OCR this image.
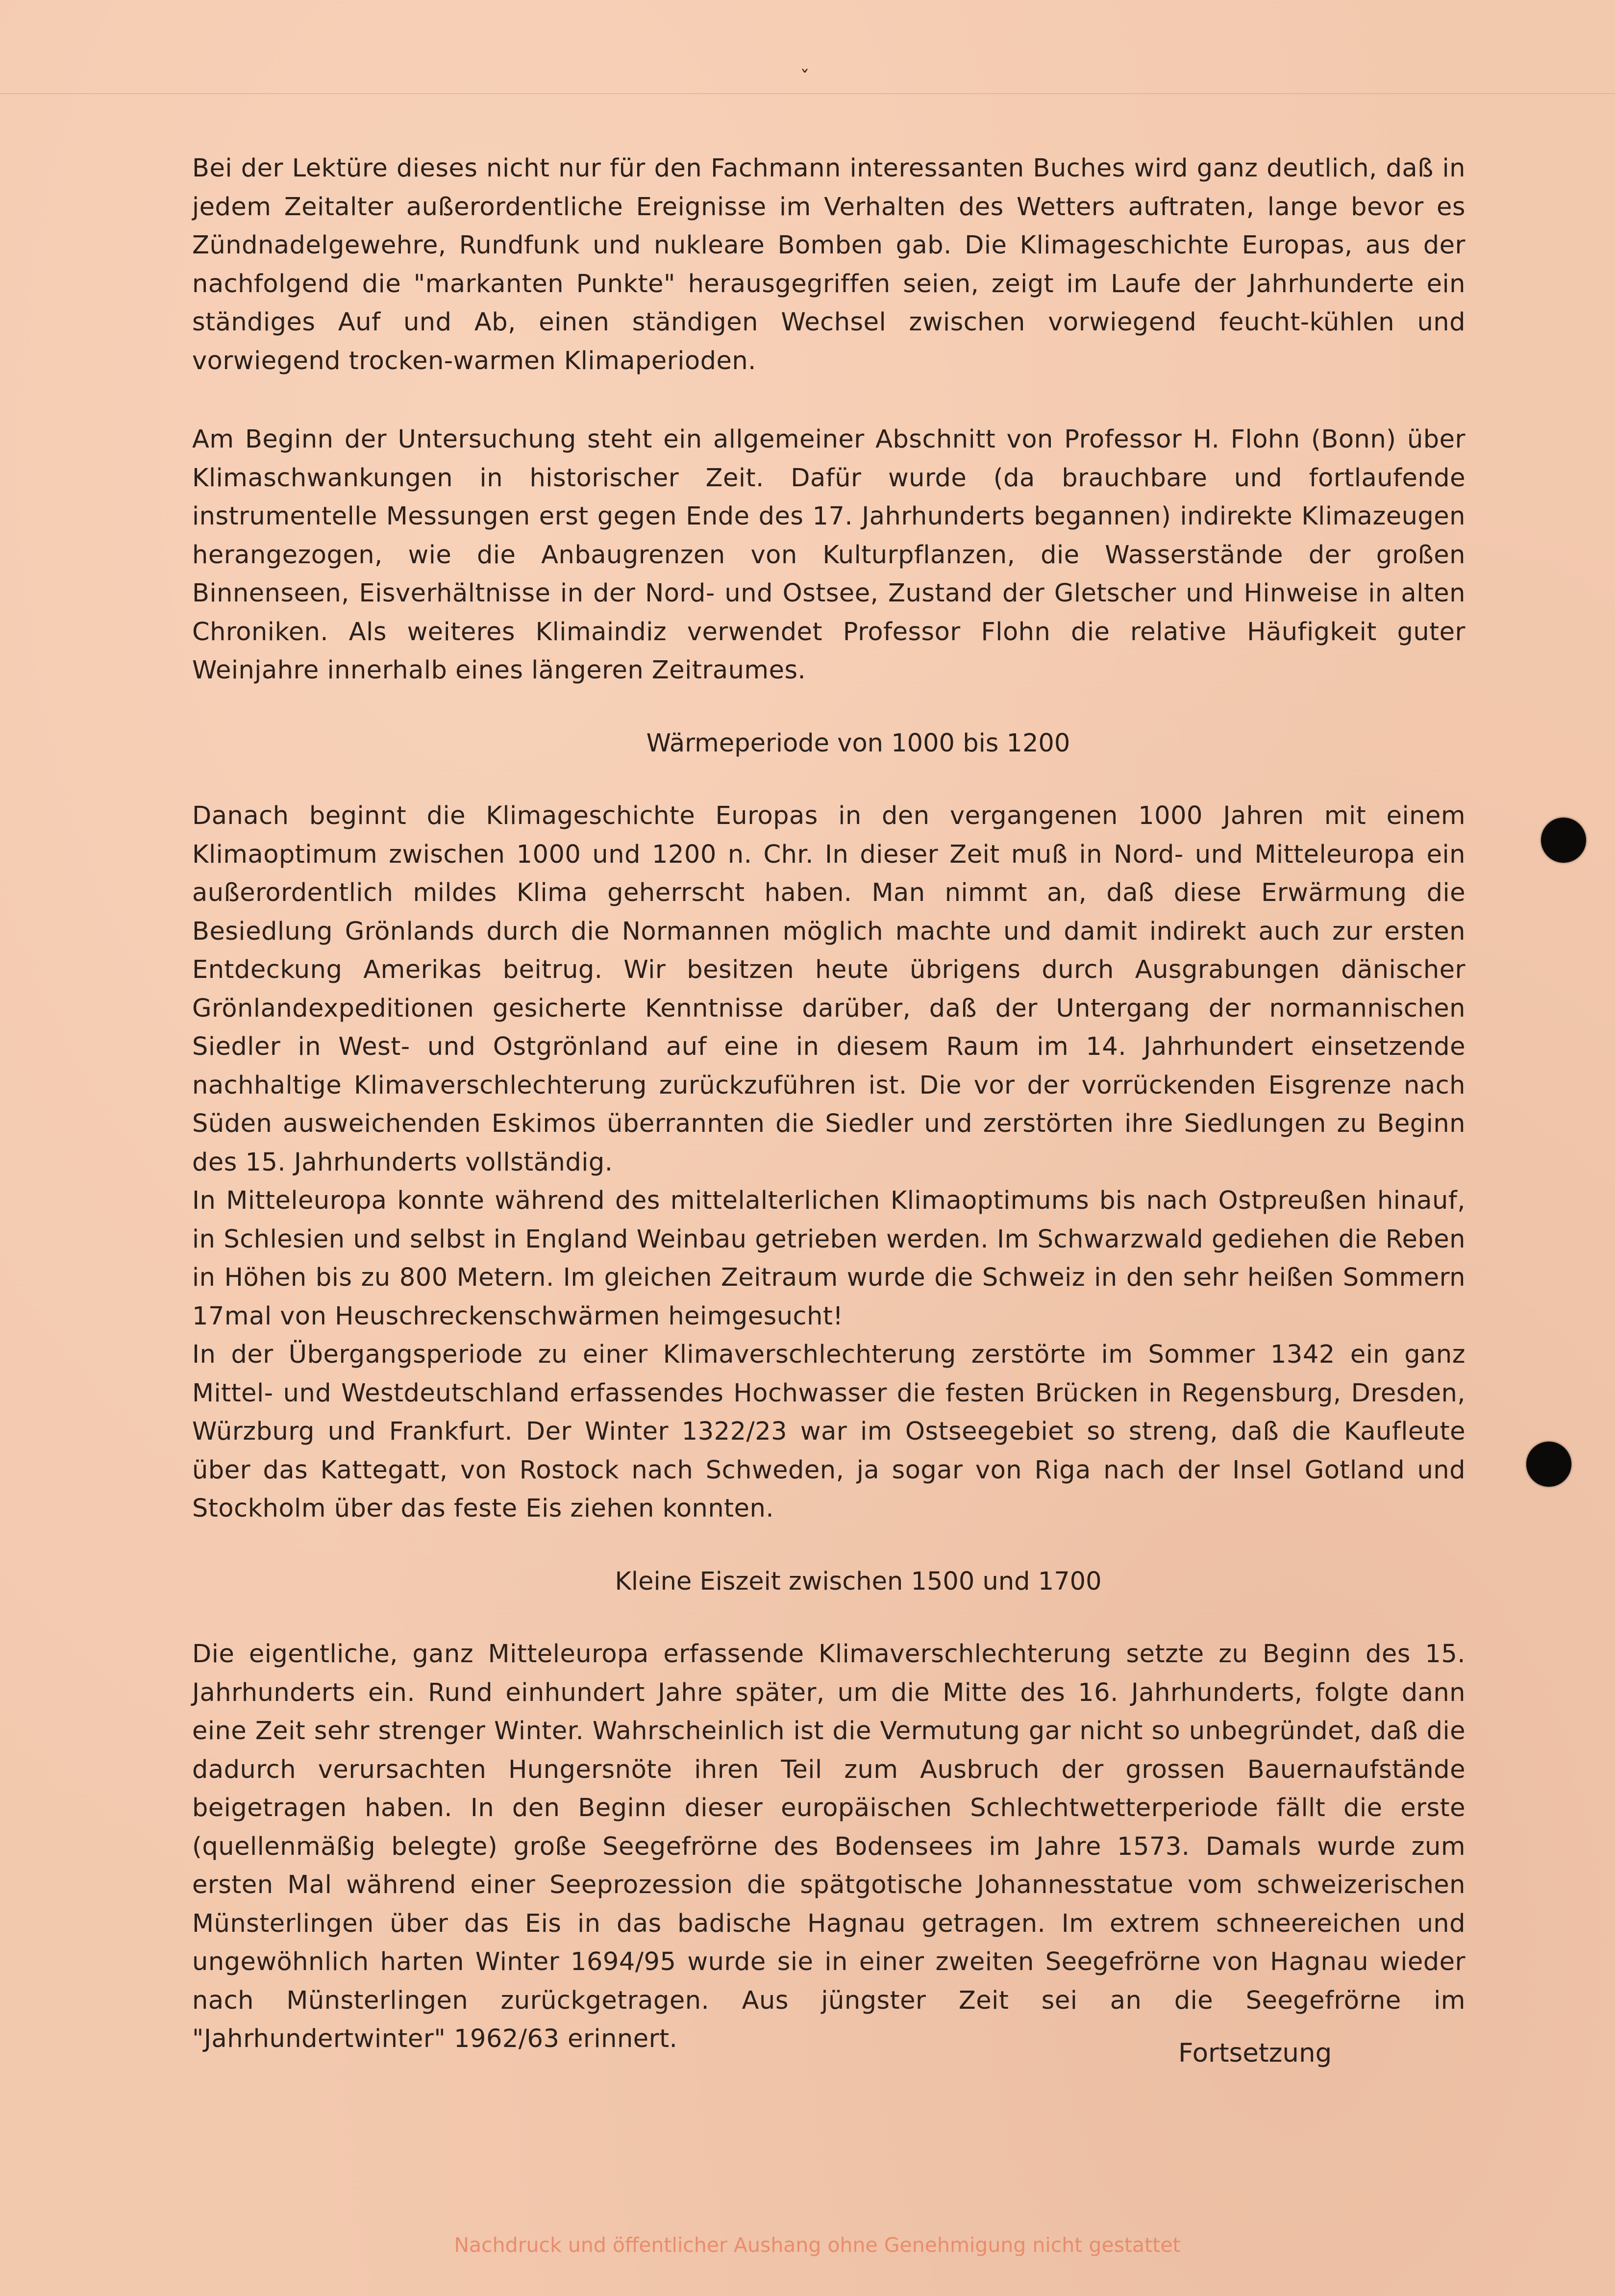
ˇ

Bei der Lektüre dieses nicht nur für den Fachmann interessanten Buches wird ganz deutlich, daß in jedem Zeitalter außerordentliche Ereignisse im Verhalten des Wetters auftraten, lange bevor es Zündnadelgewehre, Rundfunk und nukleare Bomben gab. Die Klimageschichte Europas, aus der nachfolgend die "markanten Punkte" herausgegriffen seien, zeigt im Laufe der Jahrhunderte ein ständiges Auf und Ab, einen ständigen Wechsel zwischen vorwiegend feucht-kühlen und vorwiegend trocken-warmen Klimaperioden.

Am Beginn der Untersuchung steht ein allgemeiner Abschnitt von Professor H. Flohn (Bonn) über Klimaschwankungen in historischer Zeit. Dafür wurde (da brauchbare und fortlaufende instrumentelle Messungen erst gegen Ende des 17. Jahrhunderts begannen) indirekte Klimazeugen herangezogen, wie die Anbaugrenzen von Kulturpflanzen, die Wasserstände der großen Binnenseen, Eisverhältnisse in der Nord- und Ostsee, Zustand der Gletscher und Hinweise in alten Chroniken. Als weiteres Klimaindiz verwendet Professor Flohn die relative Häufigkeit guter Weinjahre innerhalb eines längeren Zeitraumes.

Wärmeperiode von 1000 bis 1200

Danach beginnt die Klimageschichte Europas in den vergangenen 1000 Jahren mit einem Klimaoptimum zwischen 1000 und 1200 n. Chr. In dieser Zeit muß in Nord- und Mitteleuropa ein außerordentlich mildes Klima geherrscht haben. Man nimmt an, daß diese Erwärmung die Besiedlung Grönlands durch die Normannen möglich machte und damit indirekt auch zur ersten Entdeckung Amerikas beitrug. Wir besitzen heute übrigens durch Ausgrabungen dänischer Grönlandexpeditionen gesicherte Kenntnisse darüber, daß der Untergang der normannischen Siedler in West- und Ostgrönland auf eine in diesem Raum im 14. Jahrhundert einsetzende nachhaltige Klimaverschlechterung zurückzuführen ist. Die vor der vorrückenden Eisgrenze nach Süden ausweichenden Eskimos überrannten die Siedler und zerstörten ihre Siedlungen zu Beginn des 15. Jahrhunderts vollständig.

In Mitteleuropa konnte während des mittelalterlichen Klimaoptimums bis nach Ostpreußen hinauf, in Schlesien und selbst in England Weinbau getrieben werden. Im Schwarzwald gediehen die Reben in Höhen bis zu 800 Metern. Im gleichen Zeitraum wurde die Schweiz in den sehr heißen Sommern 17mal von Heuschreckenschwärmen heimgesucht!

In der Übergangsperiode zu einer Klimaverschlechterung zerstörte im Sommer 1342 ein ganz Mittel- und Westdeutschland erfassendes Hochwasser die festen Brücken in Regensburg, Dresden, Würzburg und Frankfurt. Der Winter 1322/23 war im Ostseegebiet so streng, daß die Kaufleute über das Kattegatt, von Rostock nach Schweden, ja sogar von Riga nach der Insel Gotland und Stockholm über das feste Eis ziehen konnten.

Kleine Eiszeit zwischen 1500 und 1700

Die eigentliche, ganz Mitteleuropa erfassende Klimaverschlechterung setzte zu Beginn des 15. Jahrhunderts ein. Rund einhundert Jahre später, um die Mitte des 16. Jahrhunderts, folgte dann eine Zeit sehr strenger Winter. Wahrscheinlich ist die Vermutung gar nicht so unbegründet, daß die dadurch verursachten Hungersnöte ihren Teil zum Ausbruch der grossen Bauernaufstände beigetragen haben. In den Beginn dieser europäischen Schlechtwetterperiode fällt die erste (quellenmäßig belegte) große Seegefrörne des Bodensees im Jahre 1573. Damals wurde zum ersten Mal während einer Seeprozession die spätgotische Johannesstatue vom schweizerischen Münsterlingen über das Eis in das badische Hagnau getragen. Im extrem schneereichen und ungewöhnlich harten Winter 1694/95 wurde sie in einer zweiten Seegefrörne von Hagnau wieder nach Münsterlingen zurückgetragen. Aus jüngster Zeit sei an die Seegefrörne im "Jahrhundertwinter" 1962/63 erinnert.	Fortsetzung
Nachdruck und öffentlicher Aushang ohne Genehmigung nicht gestattet
